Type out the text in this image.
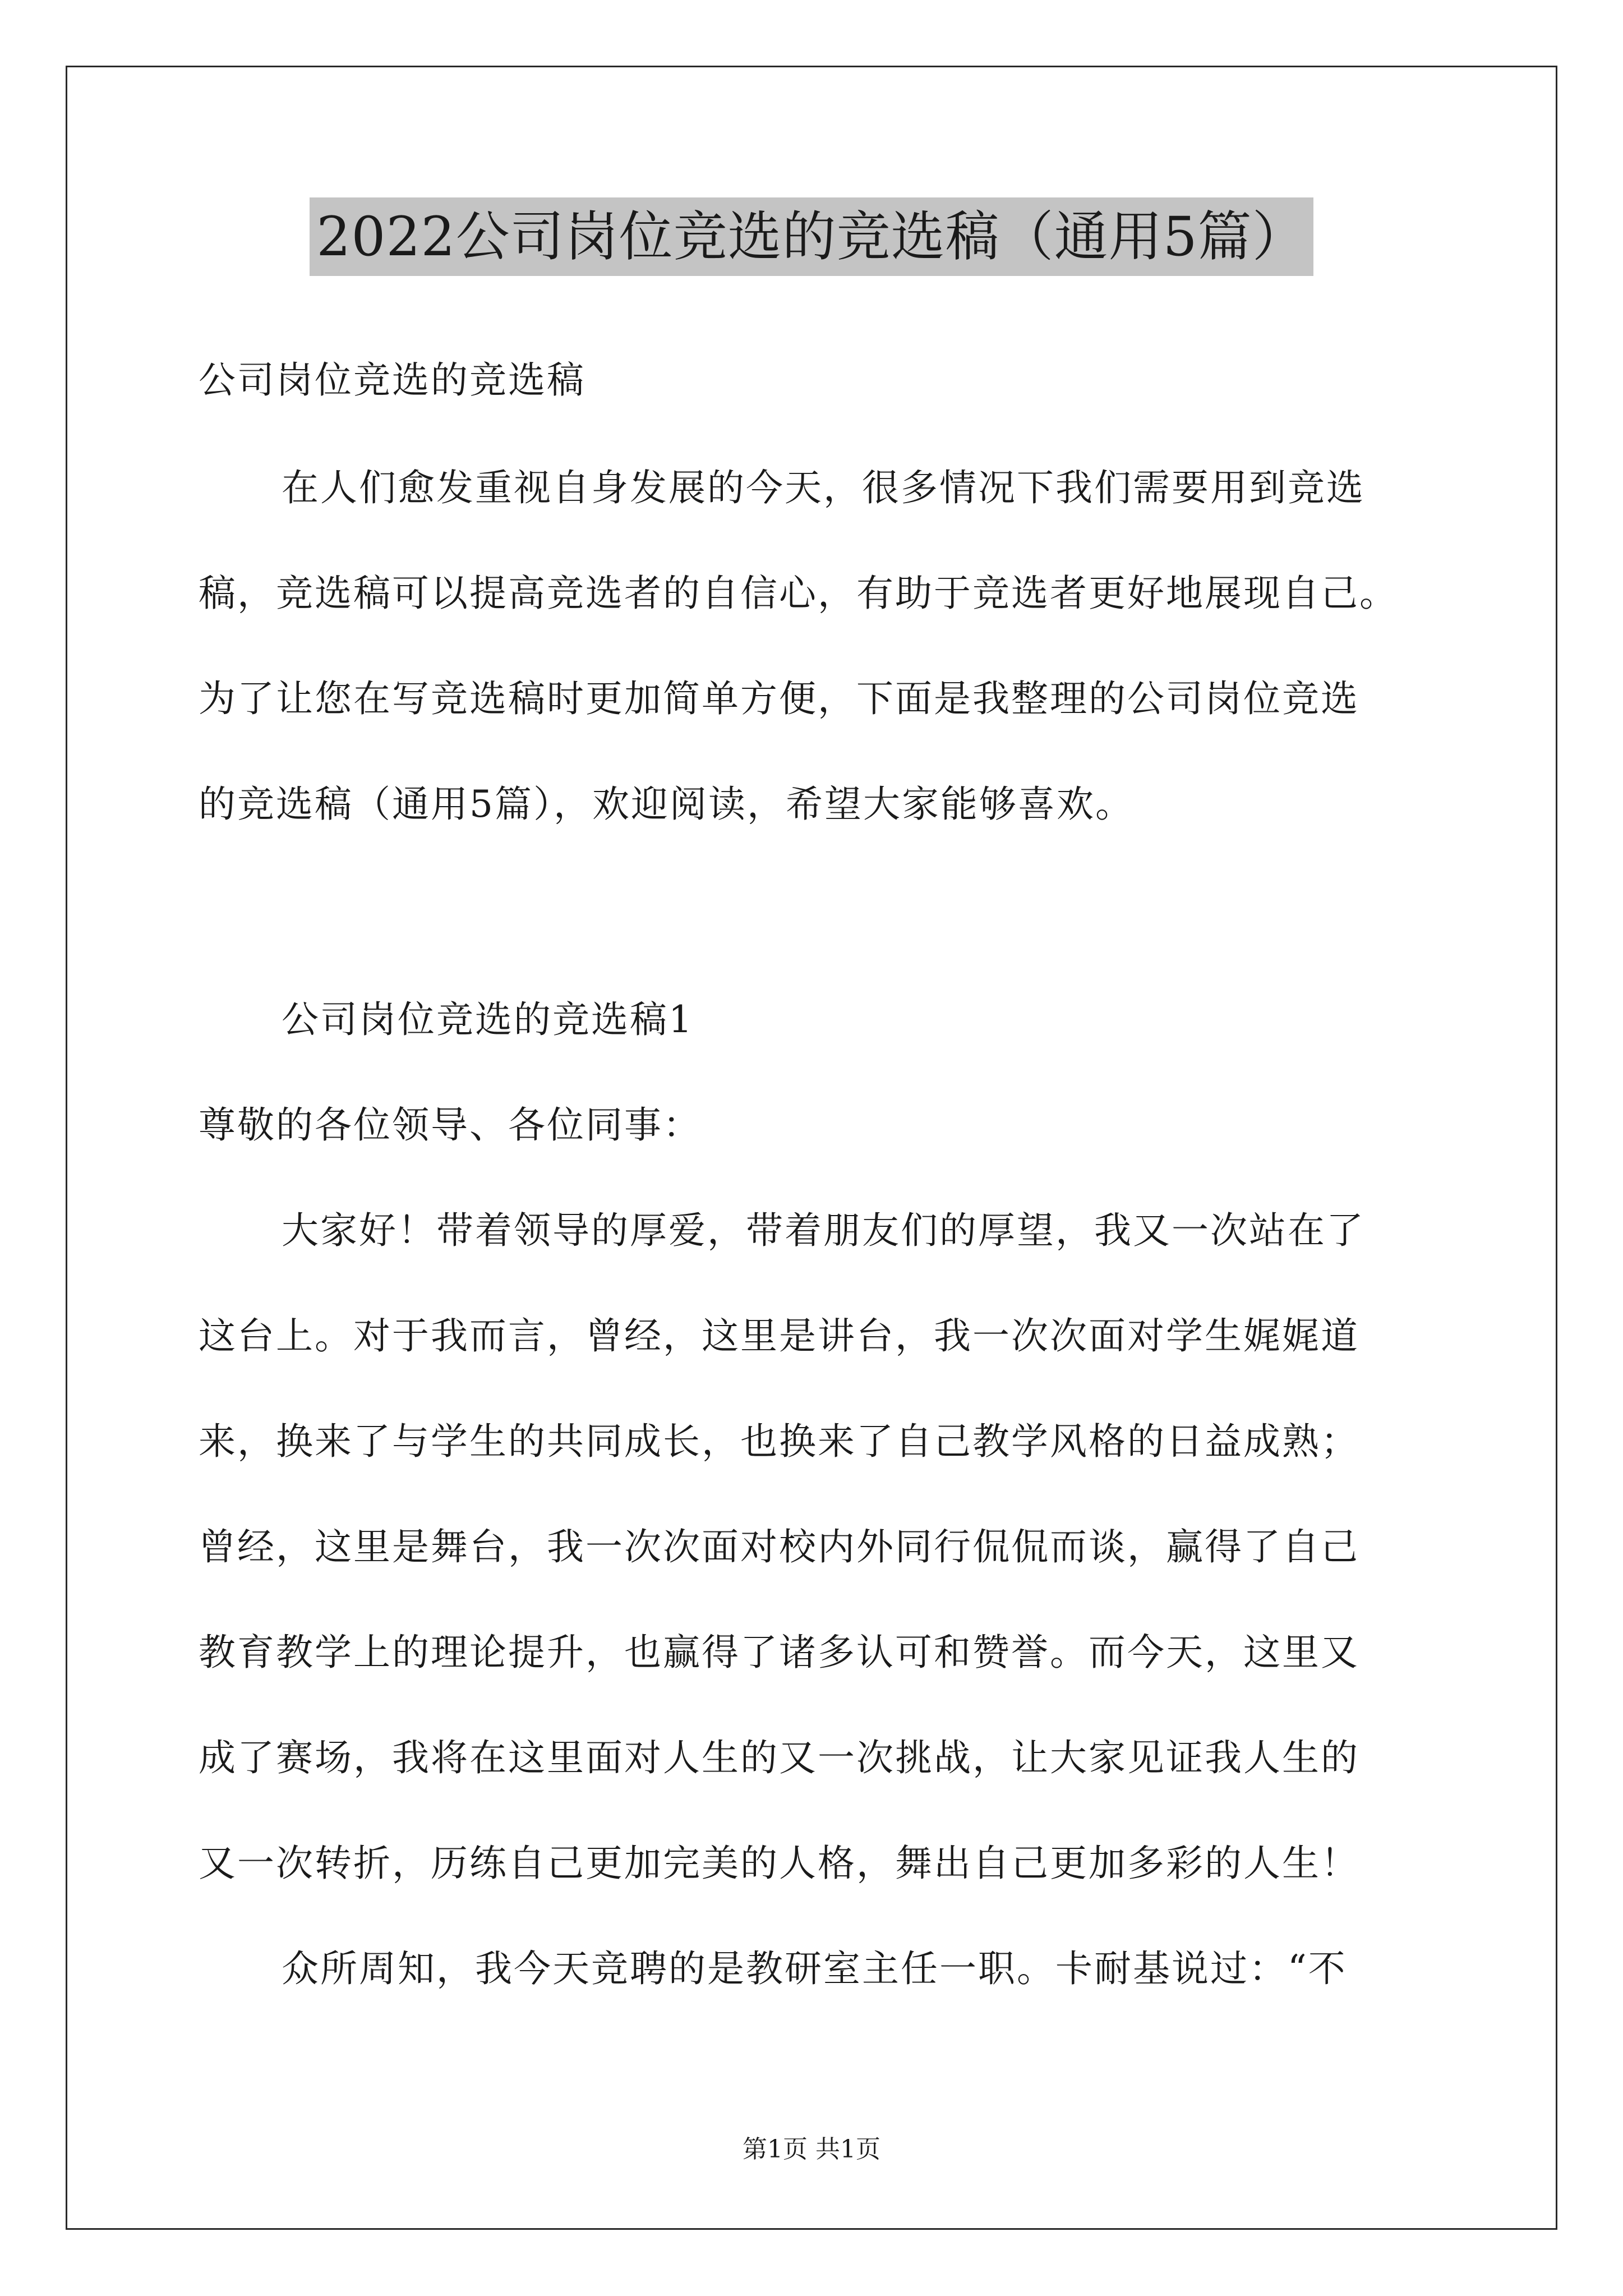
2022公司岗位竞选的竞选稿（通用5篇）
公司岗位竞选的竞选稿
在人们愈发重视自身发展的今天，很多情况下我们需要用到竞选
稿，竞选稿可以提高竞选者的自信心，有助于竞选者更好地展现自己。
为了让您在写竞选稿时更加简单方便，下面是我整理的公司岗位竞选
的竞选稿（通用5篇），欢迎阅读，希望大家能够喜欢。
公司岗位竞选的竞选稿1
尊敬的各位领导、各位同事：
大家好！带着领导的厚爱，带着朋友们的厚望，我又一次站在了
这台上。对于我而言，曾经，这里是讲台，我一次次面对学生娓娓道
来，换来了与学生的共同成长，也换来了自己教学风格的日益成熟；
曾经，这里是舞台，我一次次面对校内外同行侃侃而谈，赢得了自己
教育教学上的理论提升，也赢得了诸多认可和赞誉。而今天，这里又
成了赛场，我将在这里面对人生的又一次挑战，让大家见证我人生的
又一次转折，历练自己更加完美的人格，舞出自己更加多彩的人生！
众所周知，我今天竞聘的是教研室主任一职。卡耐基说过：“不
第1页 共1页
